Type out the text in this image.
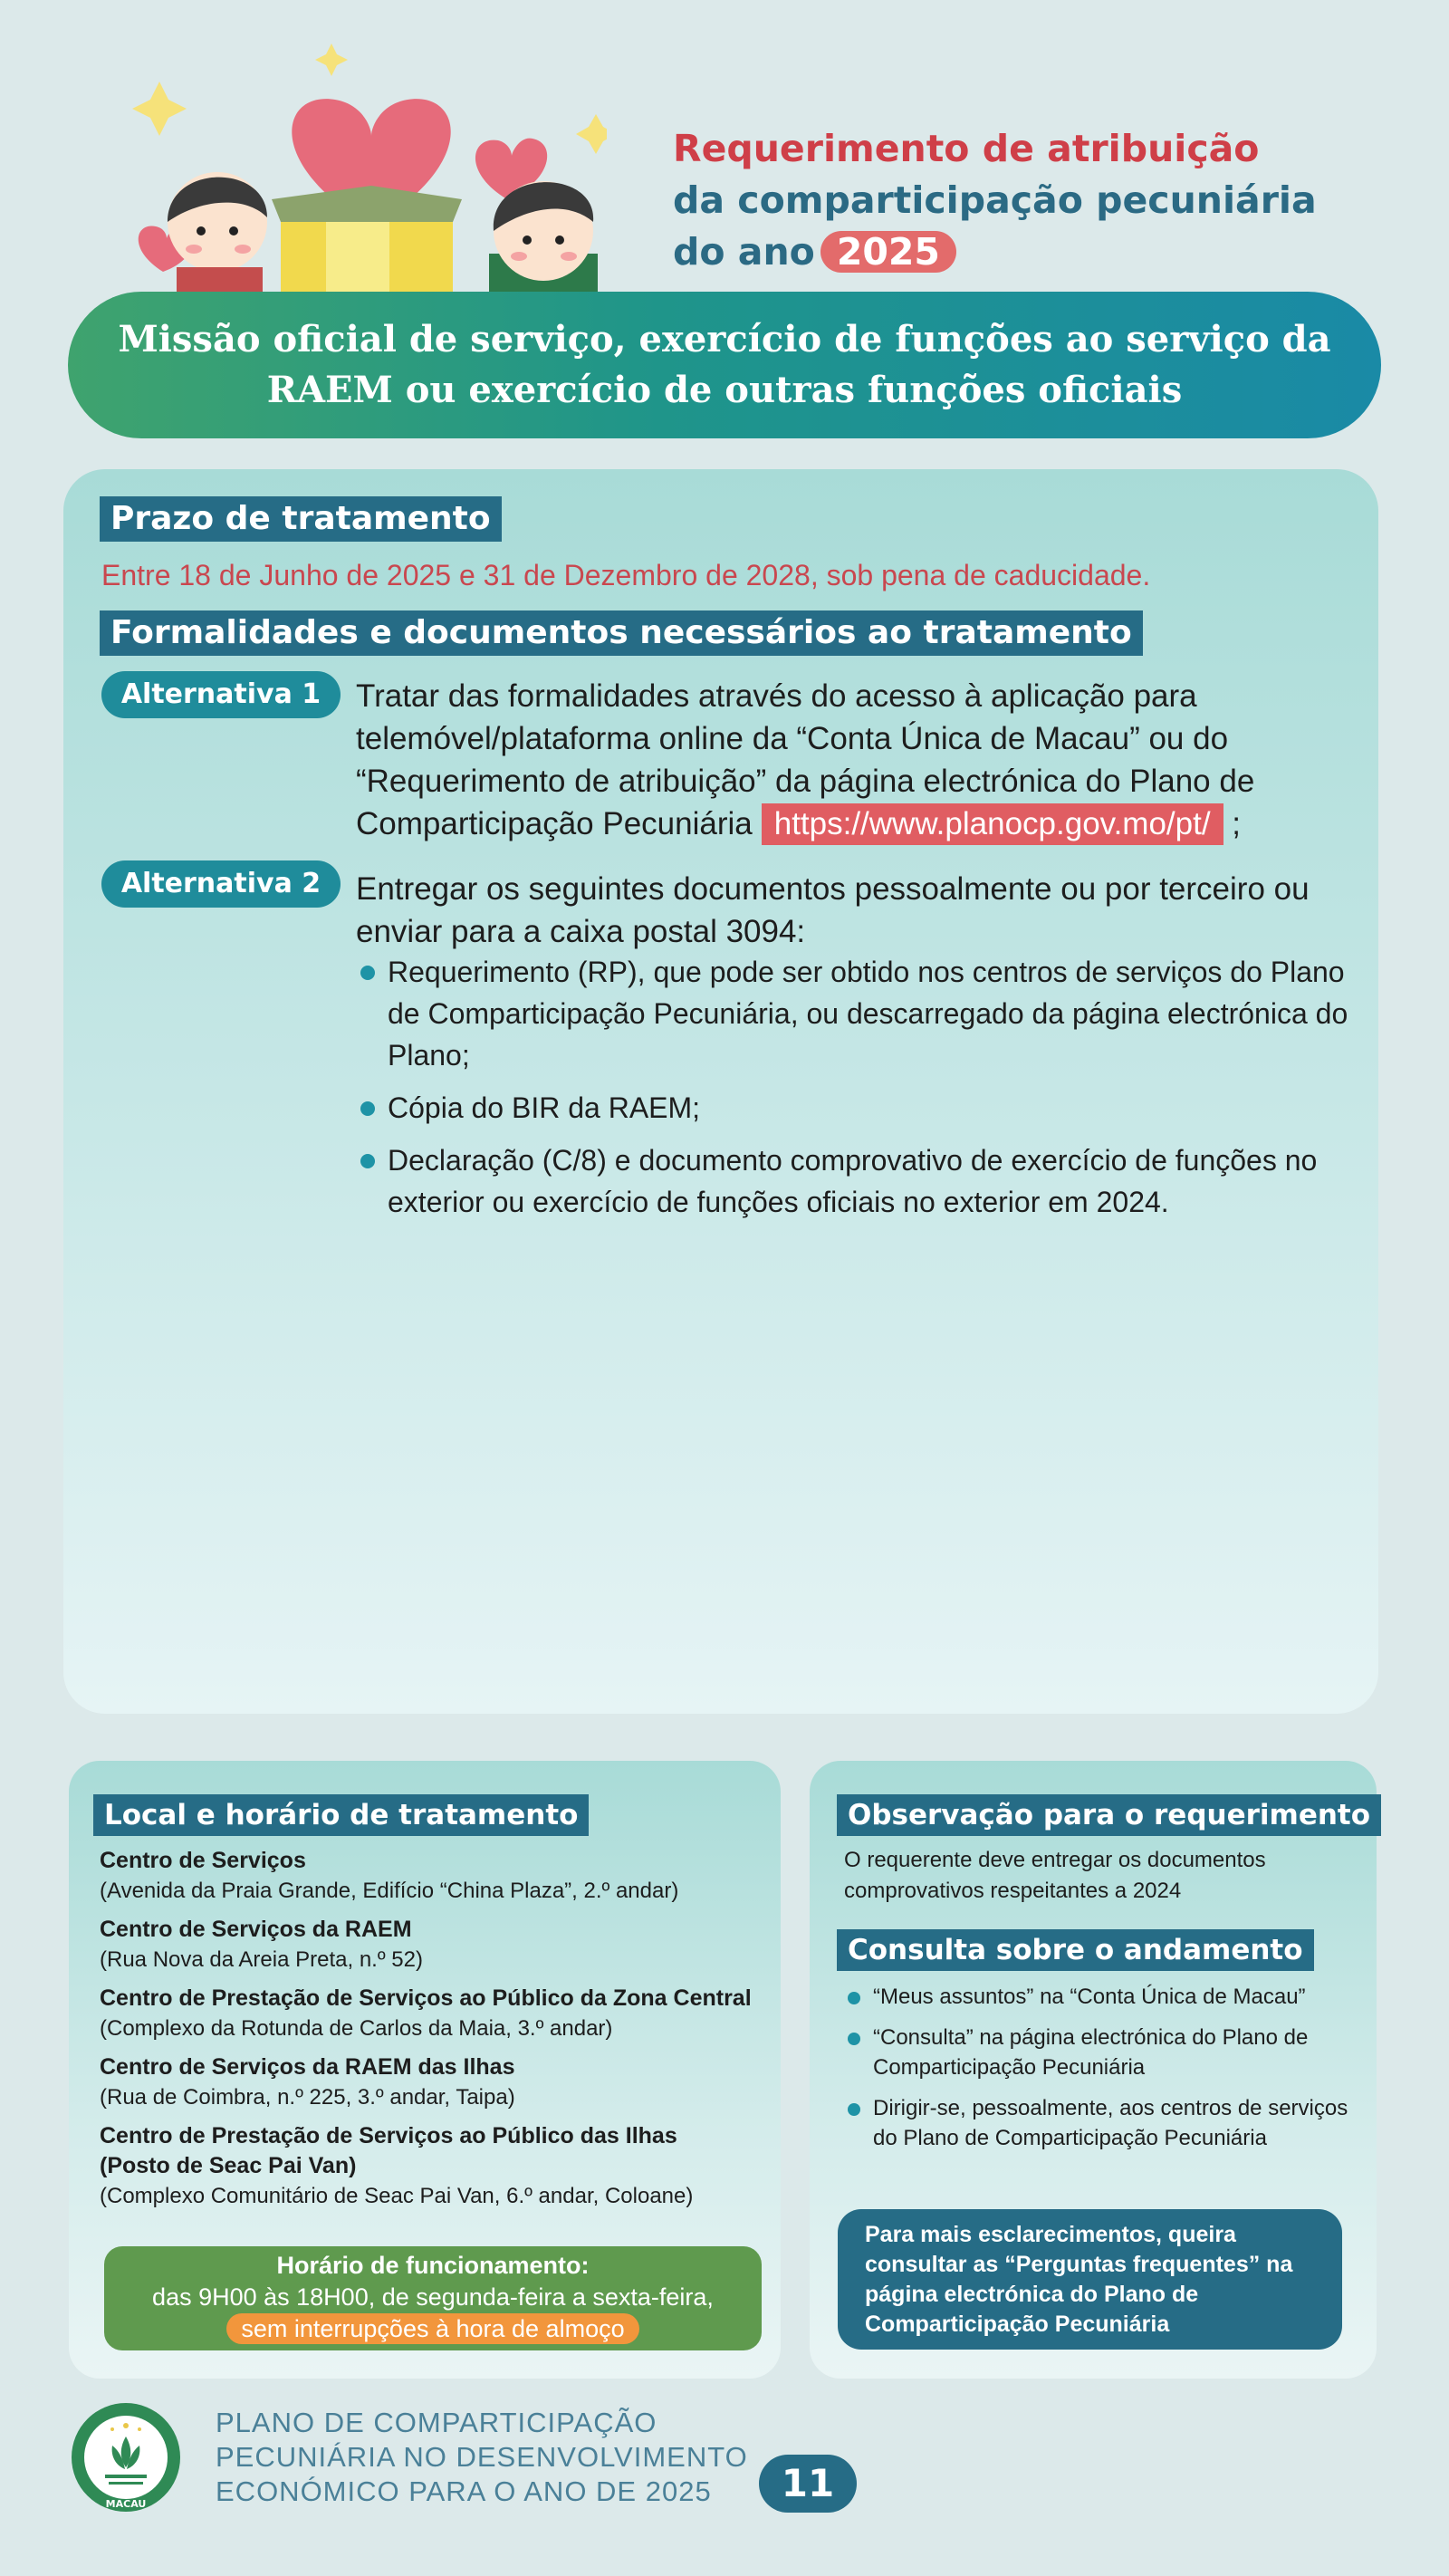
Requerimento de atribuição
da comparticipação pecuniária
do ano 2025
Missão oficial de serviço, exercício de funções ao serviço da
RAEM ou exercício de outras funções oficiais
Prazo de tratamento
Entre 18 de Junho de 2025 e 31 de Dezembro de 2028, sob pena de caducidade.
Formalidades e documentos necessários ao tratamento
Alternativa 1	Tratar das formalidades através do acesso à aplicação para telemóvel/plataforma online da “Conta Única de Macau” ou do “Requerimento de atribuição” da página electrónica do Plano de Comparticipação Pecuniária https://www.planocp.gov.mo/pt/ ;
Alternativa 2	Entregar os seguintes documentos pessoalmente ou por terceiro ou enviar para a caixa postal 3094:
Requerimento (RP), que pode ser obtido nos centros de serviços do Plano de Comparticipação Pecuniária, ou descarregado da página electrónica do Plano;
Cópia do BIR da RAEM;
Declaração (C/8) e documento comprovativo de exercício de funções no exterior ou exercício de funções oficiais no exterior em 2024.
Local e horário de tratamento
Centro de Serviços
(Avenida da Praia Grande, Edifício “China Plaza”, 2.º andar)
Centro de Serviços da RAEM
(Rua Nova da Areia Preta, n.º 52)
Centro de Prestação de Serviços ao Público da Zona Central
(Complexo da Rotunda de Carlos da Maia, 3.º andar)
Centro de Serviços da RAEM das Ilhas
(Rua de Coimbra, n.º 225, 3.º andar, Taipa)
Centro de Prestação de Serviços ao Público das Ilhas (Posto de Seac Pai Van)
(Complexo Comunitário de Seac Pai Van, 6.º andar, Coloane)
Horário de funcionamento:
das 9H00 às 18H00, de segunda-feira a sexta-feira,
sem interrupções à hora de almoço
Observação para o requerimento
O requerente deve entregar os documentos comprovativos respeitantes a 2024
Consulta sobre o andamento
“Meus assuntos” na “Conta Única de Macau”
“Consulta” na página electrónica do Plano de Comparticipação Pecuniária
Dirigir-se, pessoalmente, aos centros de serviços do Plano de Comparticipação Pecuniária
Para mais esclarecimentos, queira consultar as “Perguntas frequentes” na página electrónica do Plano de Comparticipação Pecuniária
MACAU
PLANO DE COMPARTICIPAÇÃO
PECUNIÁRIA NO DESENVOLVIMENTO
ECONÓMICO PARA O ANO DE 2025	11
